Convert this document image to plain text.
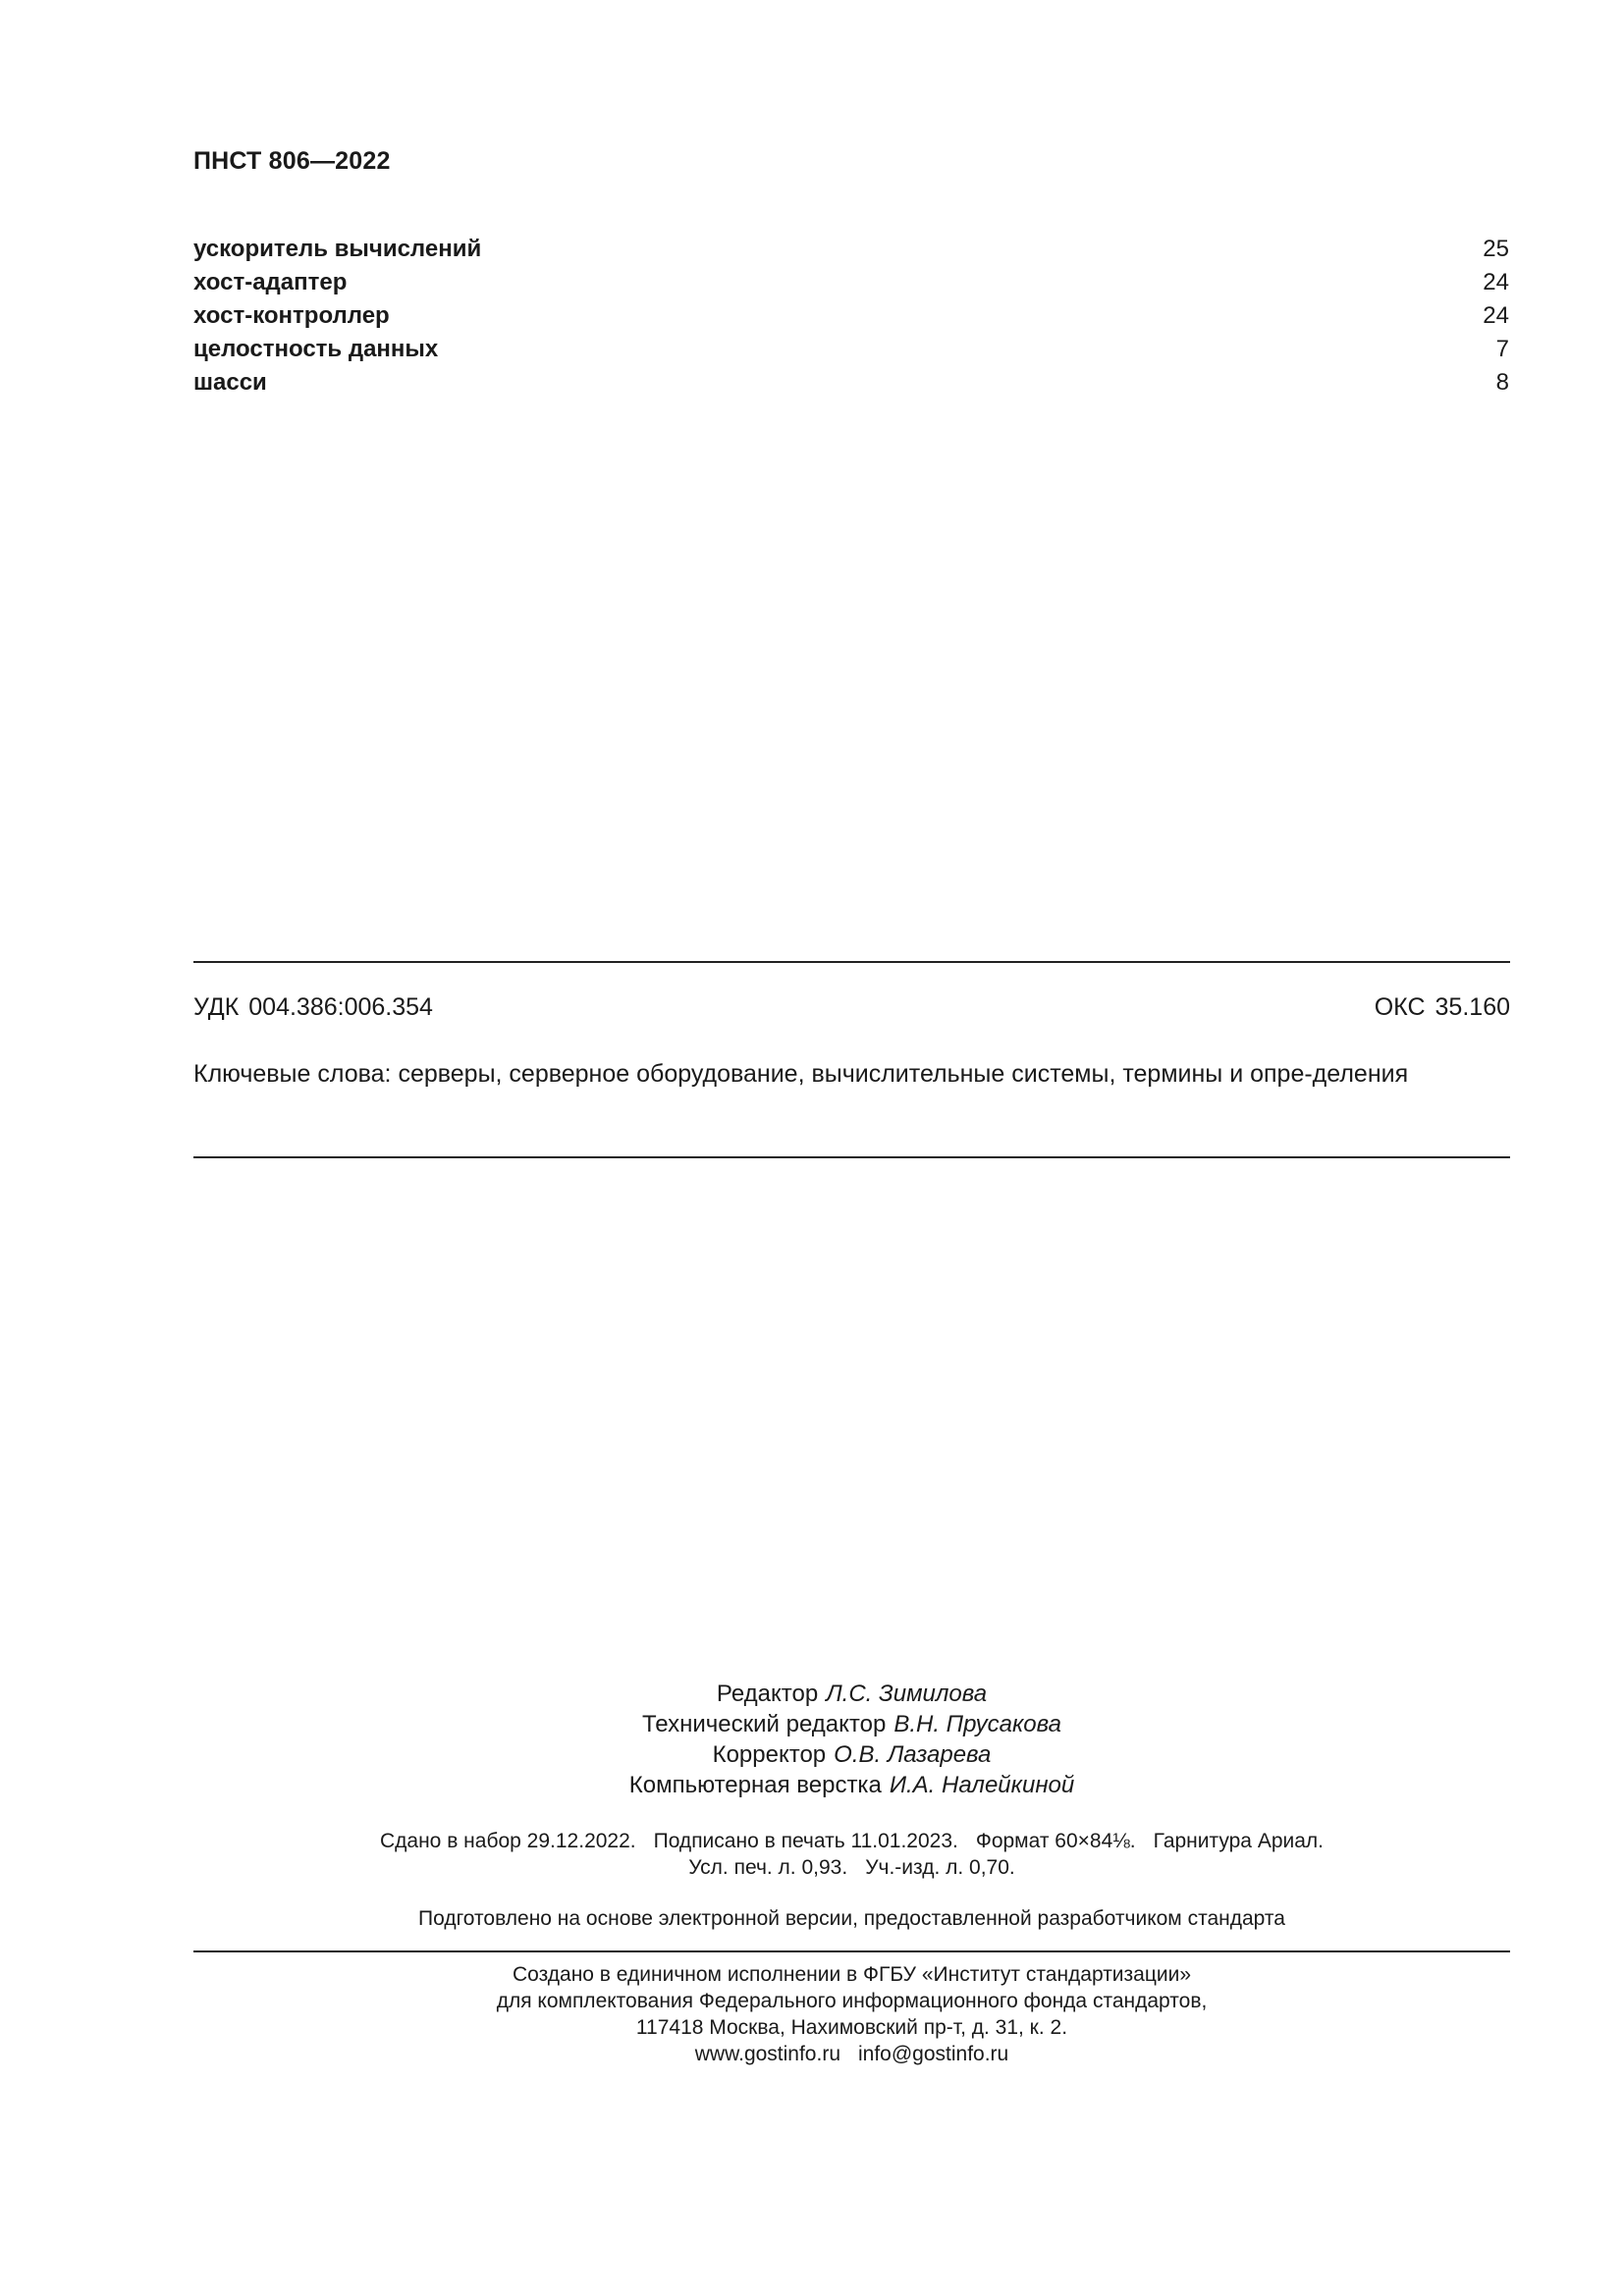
ПНСТ 806—2022
ускоритель вычислений	25
хост-адаптер	24
хост-контроллер	24
целостность данных	7
шасси	8
УДК 004.386:006.354	ОКС 35.160
Ключевые слова: серверы, серверное оборудование, вычислительные системы, термины и опре-деления
Редактор Л.С. Зимилова
Технический редактор В.Н. Прусакова
Корректор О.В. Лазарева
Компьютерная верстка И.А. Налейкиной
Сдано в набор 29.12.2022. Подписано в печать 11.01.2023. Формат 60×84⅛. Гарнитура Ариал.
Усл. печ. л. 0,93. Уч.-изд. л. 0,70.
Подготовлено на основе электронной версии, предоставленной разработчиком стандарта
Создано в единичном исполнении в ФГБУ «Институт стандартизации»
для комплектования Федерального информационного фонда стандартов,
117418 Москва, Нахимовский пр-т, д. 31, к. 2.
www.gostinfo.ru info@gostinfo.ru
